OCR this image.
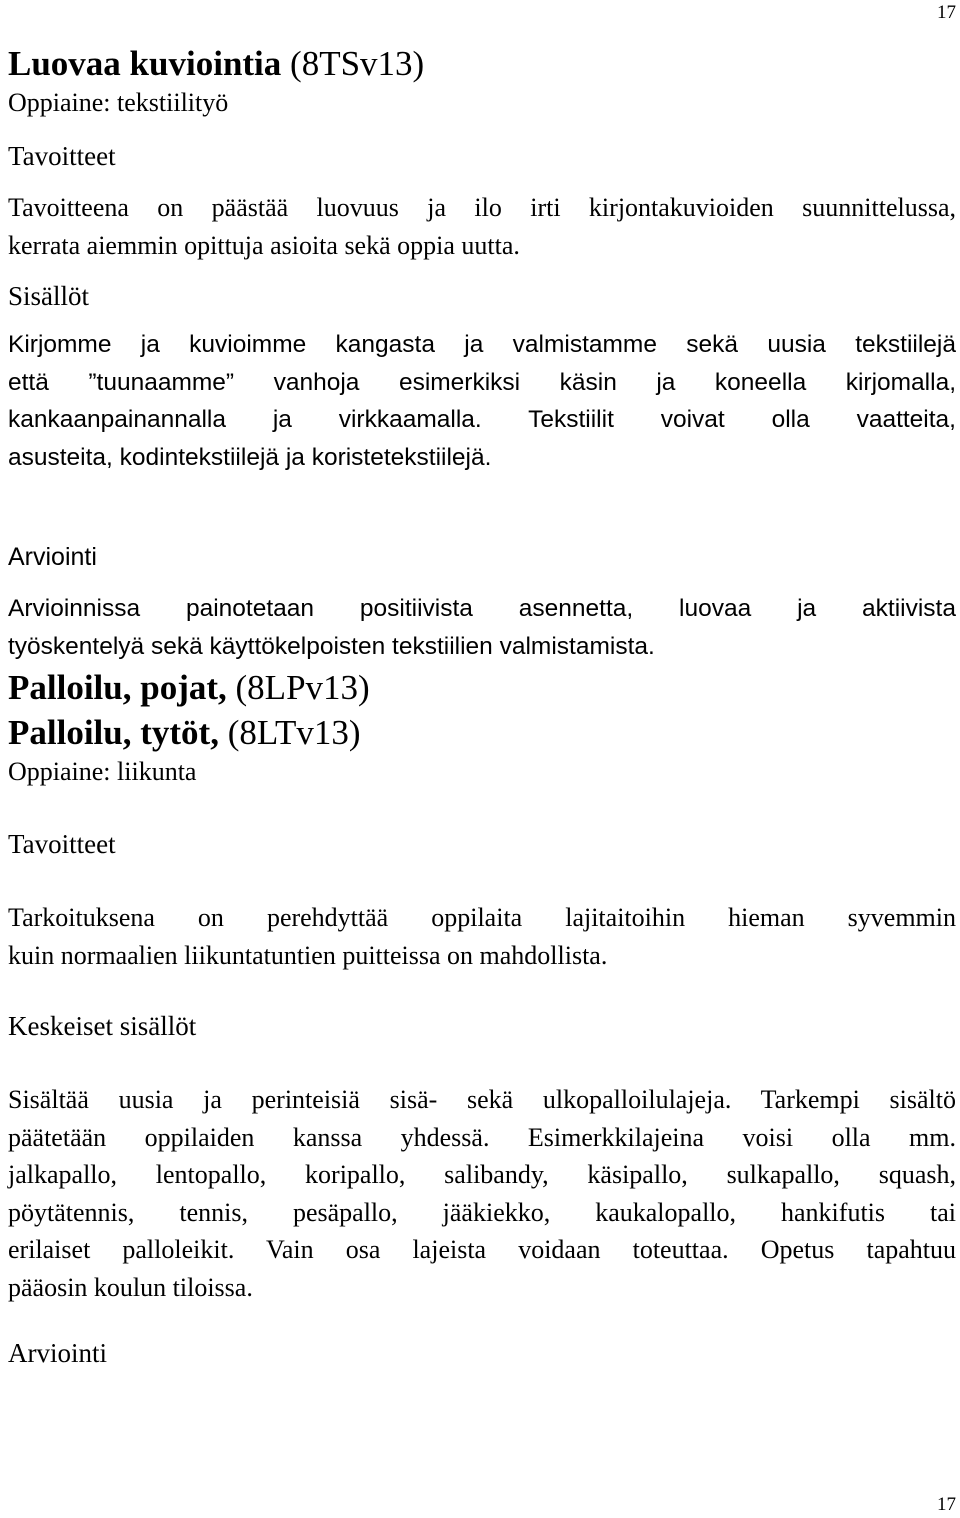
17
17
Luovaa kuviointia (8TSv13)
Oppiaine: tekstiilityö
Tavoitteet
Tavoitteena on päästää luovuus ja ilo irti kirjontakuvioiden suunnittelussa,
kerrata aiemmin opittuja asioita sekä oppia uutta.
Sisällöt
Kirjomme ja kuvioimme kangasta ja valmistamme sekä uusia tekstiilejä
että ”tuunaamme” vanhoja esimerkiksi käsin ja koneella kirjomalla,
kankaanpainannalla ja virkkaamalla. Tekstiilit voivat olla vaatteita,
asusteita, kodintekstiilejä ja koristetekstiilejä.
Arviointi
Arvioinnissa painotetaan positiivista asennetta, luovaa ja aktiivista
työskentelyä sekä käyttökelpoisten tekstiilien valmistamista.
Palloilu, pojat, (8LPv13)
Palloilu, tytöt, (8LTv13)
Oppiaine: liikunta
Tavoitteet
Tarkoituksena on perehdyttää oppilaita lajitaitoihin hieman syvemmin
kuin normaalien liikuntatuntien puitteissa on mahdollista.
Keskeiset sisällöt
Sisältää uusia ja perinteisiä sisä- sekä ulkopalloilulajeja. Tarkempi sisältö
päätetään oppilaiden kanssa yhdessä. Esimerkkilajeina voisi olla mm.
jalkapallo, lentopallo, koripallo, salibandy, käsipallo, sulkapallo, squash,
pöytätennis, tennis, pesäpallo, jääkiekko, kaukalopallo, hankifutis tai
erilaiset palloleikit. Vain osa lajeista voidaan toteuttaa. Opetus tapahtuu
pääosin koulun tiloissa.
Arviointi
